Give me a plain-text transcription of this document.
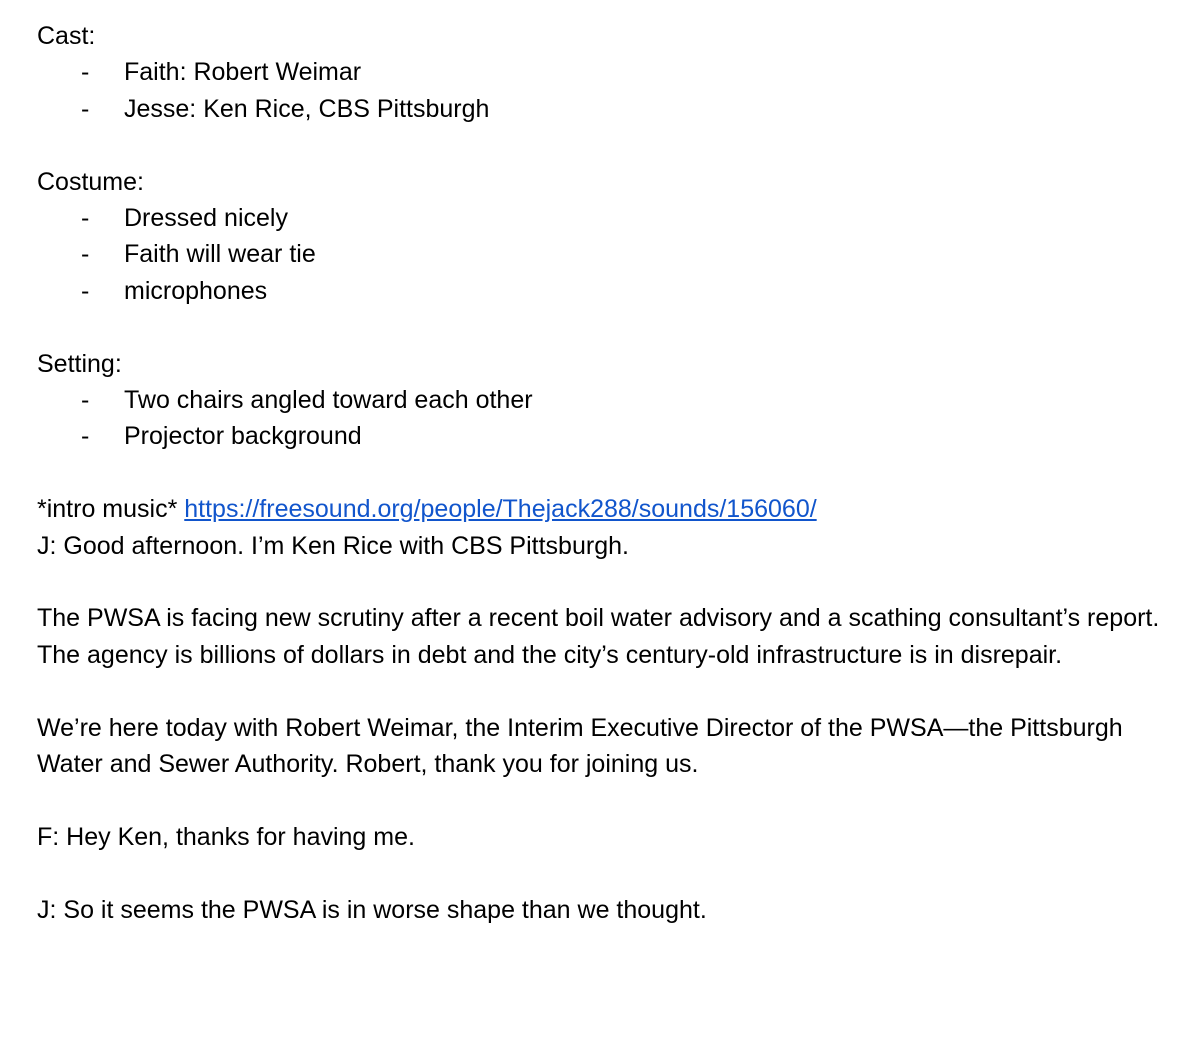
Cast:

- Faith: Robert Weimar
- Jesse: Ken Rice, CBS Pittsburgh

Costume:

- Dressed nicely
- Faith will wear tie
- microphones

Setting:

- Two chairs angled toward each other
- Projector background

*intro music* https://freesound.org/people/Thejack288/sounds/156060/

J: Good afternoon. I’m Ken Rice with CBS Pittsburgh.

The PWSA is facing new scrutiny after a recent boil water advisory and a scathing consultant’s report. The agency is billions of dollars in debt and the city’s century-old infrastructure is in disrepair.

We’re here today with Robert Weimar, the Interim Executive Director of the PWSA—the Pittsburgh Water and Sewer Authority. Robert, thank you for joining us.

F: Hey Ken, thanks for having me.

J: So it seems the PWSA is in worse shape than we thought.
